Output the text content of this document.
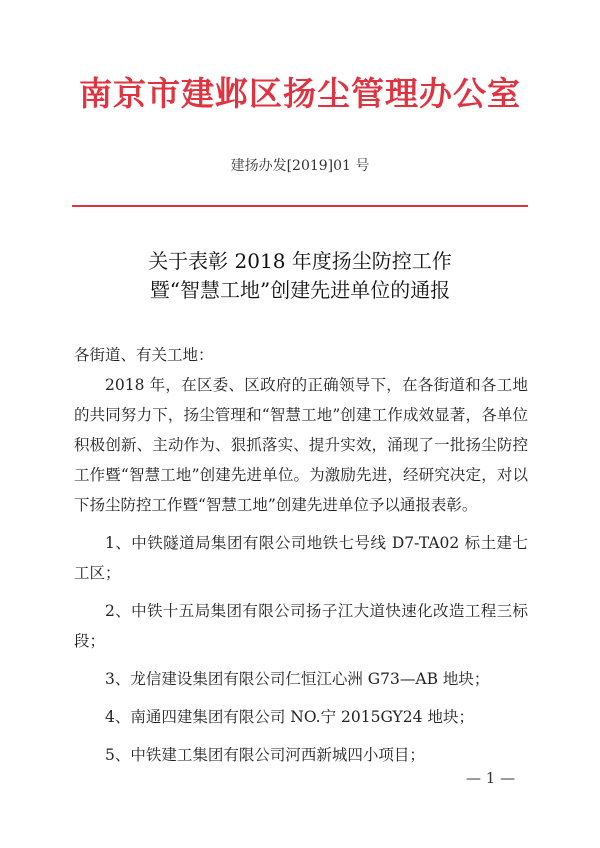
南京市建邺区扬尘管理办公室
建扬办发[2019]01 号
关于表彰 2018 年度扬尘防控工作
暨“智慧工地”创建先进单位的通报
各街道、有关工地：
2018 年，在区委、区政府的正确领导下，在各街道和各工地的共同努力下，扬尘管理和“智慧工地”创建工作成效显著，各单位积极创新、主动作为、狠抓落实、提升实效，涌现了一批扬尘防控工作暨“智慧工地”创建先进单位。为激励先进，经研究决定，对以下扬尘防控工作暨“智慧工地”创建先进单位予以通报表彰。
1、中铁隧道局集团有限公司地铁七号线 D7-TA02 标土建七工区；
2、中铁十五局集团有限公司扬子江大道快速化改造工程三标段；
3、龙信建设集团有限公司仁恒江心洲 G73—AB 地块；
4、南通四建集团有限公司 NO.宁 2015GY24 地块；
5、中铁建工集团有限公司河西新城四小项目；
— 1 —
